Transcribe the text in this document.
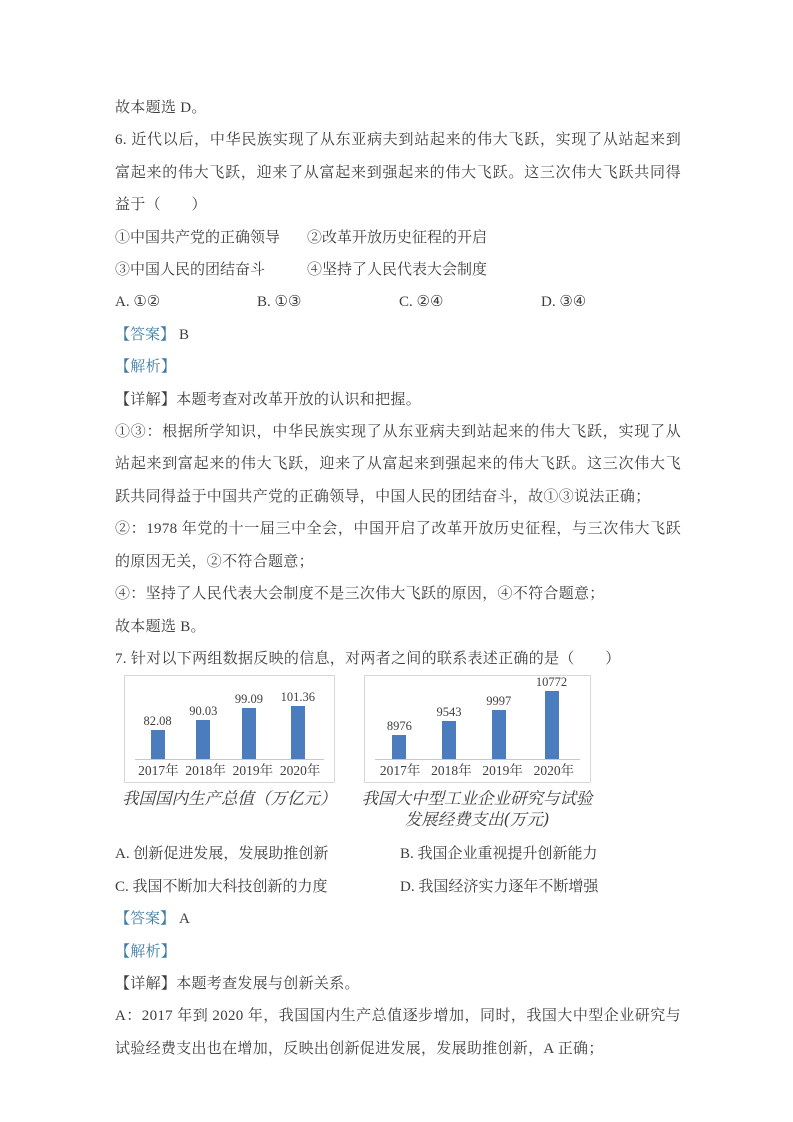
故本题选 D。

6. 近代以后，中华民族实现了从东亚病夫到站起来的伟大飞跃，实现了从站起来到富起来的伟大飞跃，迎来了从富起来到强起来的伟大飞跃。这三次伟大飞跃共同得益于（　　）

①中国共产党的正确领导	②改革开放历史征程的开启
③中国人民的团结奋斗	④坚持了人民代表大会制度
A. ①②	B. ①③	C. ②④	D. ③④
【答案】 B

【解析】

【详解】本题考查对改革开放的认识和把握。

①③：根据所学知识，中华民族实现了从东亚病夫到站起来的伟大飞跃，实现了从站起来到富起来的伟大飞跃，迎来了从富起来到强起来的伟大飞跃。这三次伟大飞跃共同得益于中国共产党的正确领导，中国人民的团结奋斗，故①③说法正确；

②：1978 年党的十一届三中全会，中国开启了改革开放历史征程，与三次伟大飞跃的原因无关，②不符合题意；

④：坚持了人民代表大会制度不是三次伟大飞跃的原因，④不符合题意；

故本题选 B。

7. 针对以下两组数据反映的信息，对两者之间的联系表述正确的是（　　）

82.08
90.03
99.09 101.36
2017年 2018年 2019年 2020年
我国国内生产总值（万亿元）
8976
9543
9997
10772
2017年 2018年 2019年 2020年
我国大中型工业企业研究与试验
发展经费支出(万元)
A. 创新促进发展，发展助推创新	B. 我国企业重视提升创新能力
C. 我国不断加大科技创新的力度	D. 我国经济实力逐年不断增强
【答案】 A

【解析】

【详解】本题考查发展与创新关系。

A：2017 年到 2020 年，我国国内生产总值逐步增加，同时，我国大中型企业研究与试验经费支出也在增加，反映出创新促进发展，发展助推创新，A 正确；
